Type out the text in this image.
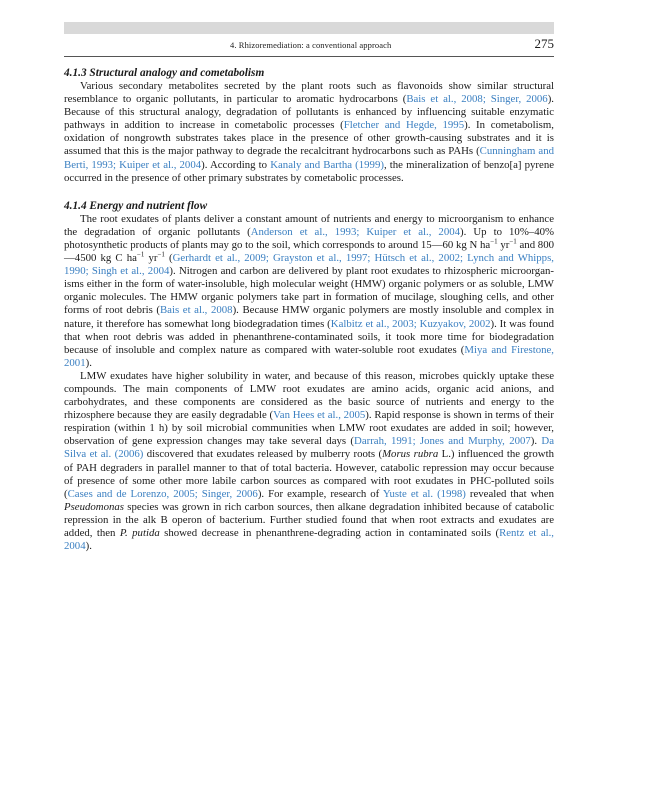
4. Rhizoremediation: a conventional approach	275
4.1.3 Structural analogy and cometabolism

Various secondary metabolites secreted by the plant roots such as flavonoids show similar structural resemblance to organic pollutants, in particular to aromatic hydrocarbons (Bais et al., 2008; Singer, 2006). Because of this structural analogy, degradation of pollutants is enhanced by influencing suitable enzymatic pathways in addition to increase in cometabolic processes (Fletcher and Hegde, 1995). In cometabolism, oxidation of nongrowth substrates takes place in the presence of other growth-causing substrates and it is assumed that this is the major pathway to degrade the recalcitrant hydrocarbons such as PAHs (Cunningham and Berti, 1993; Kuiper et al., 2004). According to Kanaly and Bartha (1999), the mineralization of benzo[a] pyrene occurred in the presence of other primary substrates by cometabolic processes.

4.1.4 Energy and nutrient flow

The root exudates of plants deliver a constant amount of nutrients and energy to microorganism to enhance the degradation of organic pollutants (Anderson et al., 1993; Kuiper et al., 2004). Up to 10%–40% photosynthetic products of plants may go to the soil, which corresponds to around 15—60 kg N $ha^{-1}$ $yr^{-1}$ and 800—4500 kg C $ha^{-1}$ $yr^{-1}$ (Gerhardt et al., 2009; Grayston et al., 1997; Hütsch et al., 2002; Lynch and Whipps, 1990; Singh et al., 2004). Nitrogen and carbon are delivered by plant root exudates to rhizospheric microorganisms either in the form of water-insoluble, high molecular weight (HMW) organic polymers or as soluble, LMW organic molecules. The HMW organic polymers take part in formation of mucilage, sloughing cells, and other forms of root debris (Bais et al., 2008). Because HMW organic polymers are mostly insoluble and complex in nature, it therefore has somewhat long biodegradation times (Kalbitz et al., 2003; Kuzyakov, 2002). It was found that when root debris was added in phenanthrene-contaminated soils, it took more time for biodegradation because of insoluble and complex nature as compared with water-soluble root exudates (Miya and Firestone, 2001).

LMW exudates have higher solubility in water, and because of this reason, microbes quickly uptake these compounds. The main components of LMW root exudates are amino acids, organic acid anions, and carbohydrates, and these components are considered as the basic source of nutrients and energy to the rhizosphere because they are easily degradable (Van Hees et al., 2005). Rapid response is shown in terms of their respiration (within 1 h) by soil microbial communities when LMW root exudates are added in soil; however, observation of gene expression changes may take several days (Darrah, 1991; Jones and Murphy, 2007). Da Silva et al. (2006) discovered that exudates released by mulberry roots (Morus rubra L.) influenced the growth of PAH degraders in parallel manner to that of total bacteria. However, catabolic repression may occur because of presence of some other more labile carbon sources as compared with root exudates in PHC-polluted soils (Cases and de Lorenzo, 2005; Singer, 2006). For example, research of Yuste et al. (1998) revealed that when Pseudomonas species was grown in rich carbon sources, then alkane degradation inhibited because of catabolic repression in the alk B operon of bacterium. Further studied found that when root extracts and exudates are added, then P. putida showed decrease in phenanthrene-degrading action in contaminated soils (Rentz et al., 2004).
